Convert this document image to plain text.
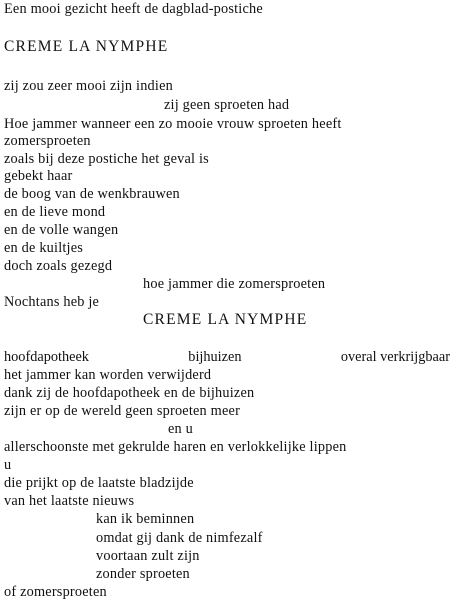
Een mooi gezicht heeft de dagblad-postiche
CREME LA NYMPHE
zij zou zeer mooi zijn indien
zij geen sproeten had
Hoe jammer wanneer een zo mooie vrouw sproeten heeft
zomersproeten
zoals bij deze postiche het geval is
gebekt haar
de boog van de wenkbrauwen
en de lieve mond
en de volle wangen
en de kuiltjes
doch zoals gezegd
hoe jammer die zomersproeten
Nochtans heb je
CREME LA NYMPHE
hoofdapotheek	bijhuizen	overal verkrijgbaar
het jammer kan worden verwijderd
dank zij de hoofdapotheek en de bijhuizen
zijn er op de wereld geen sproeten meer
en u
allerschoonste met gekrulde haren en verlokkelijke lippen
u
die prijkt op de laatste bladzijde
van het laatste nieuws
kan ik beminnen
omdat gij dank de nimfezalf
voortaan zult zijn
zonder sproeten
of zomersproeten
